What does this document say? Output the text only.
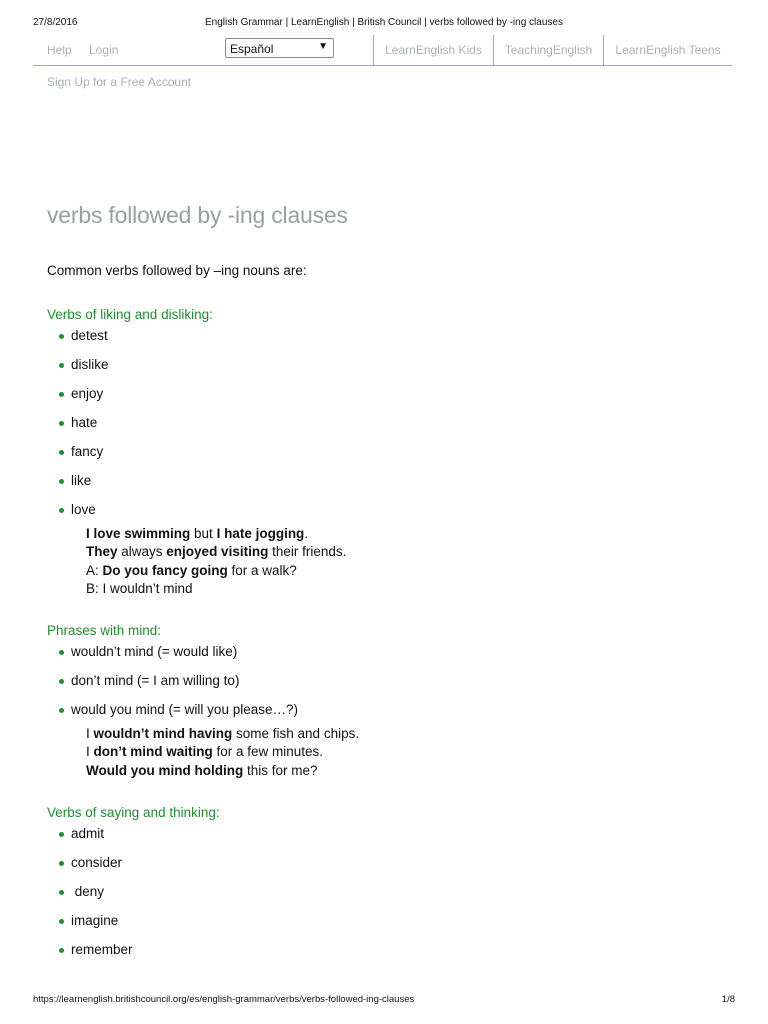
27/8/2016	English Grammar | LearnEnglish | British Council | verbs followed by -ing clauses
Help Login	Español	▼	LearnEnglish Kids	TeachingEnglish	LearnEnglish Teens
Sign Up for a Free Account
verbs followed by -ing clauses

Common verbs followed by –ing nouns are:

Verbs of liking and disliking:
detest
dislike
enjoy
hate
fancy
like
love
I love swimming but I hate jogging.
They always enjoyed visiting their friends.
A: Do you fancy going for a walk?
B: I wouldn’t mind
Phrases with mind:
wouldn’t mind (= would like)
don’t mind (= I am willing to)
would you mind (= will you please…?)
I wouldn’t mind having some fish and chips.
I don’t mind waiting for a few minutes.
Would you mind holding this for me?
Verbs of saying and thinking:
admit
consider
deny
imagine
remember
https://learnenglish.britishcouncil.org/es/english-grammar/verbs/verbs-followed-ing-clauses	1/8
